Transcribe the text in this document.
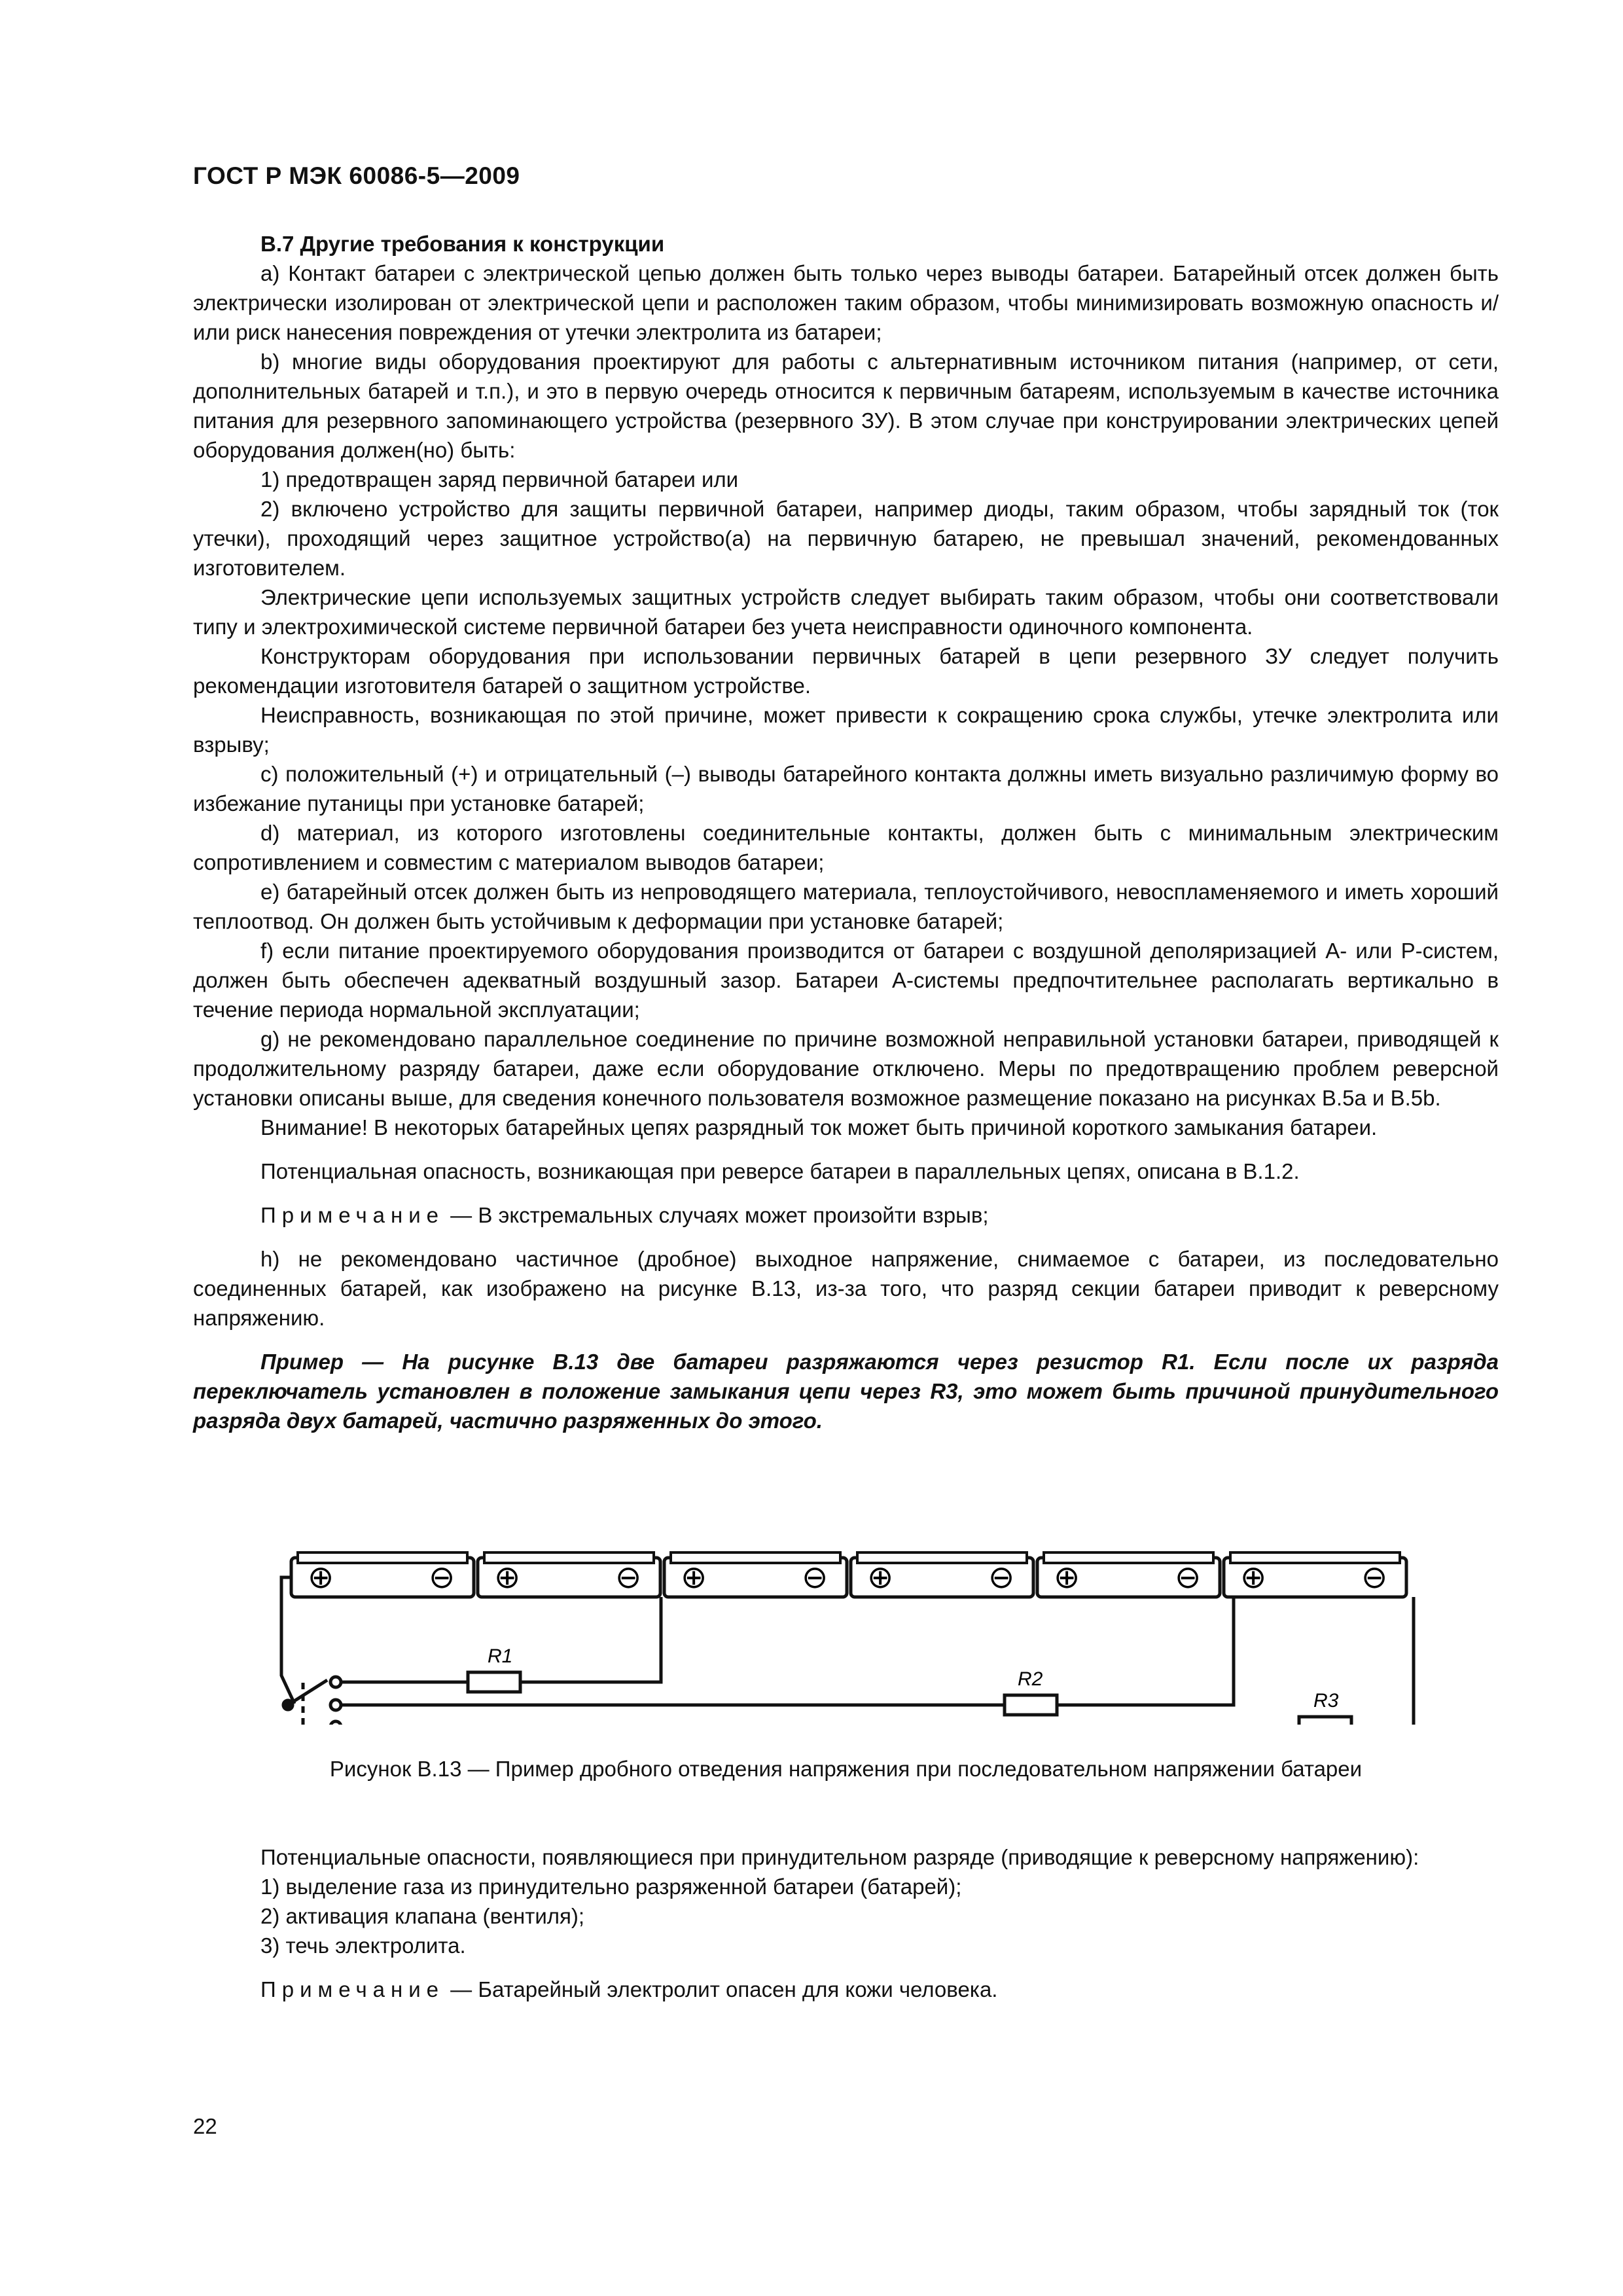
ГОСТ Р МЭК 60086-5—2009

В.7 Другие требования к конструкции

а) Контакт батареи с электрической цепью должен быть только через выводы батареи. Батарейный отсек должен быть электрически изолирован от электрической цепи и расположен таким образом, чтобы минимизировать возможную опасность и/или риск нанесения повреждения от утечки электролита из батареи;

b) многие виды оборудования проектируют для работы с альтернативным источником питания (например, от сети, дополнительных батарей и т.п.), и это в первую очередь относится к первичным батареям, используемым в качестве источника питания для резервного запоминающего устройства (резервного ЗУ). В этом случае при конструировании электрических цепей оборудования должен(но) быть:

1) предотвращен заряд первичной батареи или

2) включено устройство для защиты первичной батареи, например диоды, таким образом, чтобы зарядный ток (ток утечки), проходящий через защитное устройство(а) на первичную батарею, не превышал значений, рекомендованных изготовителем.

Электрические цепи используемых защитных устройств следует выбирать таким образом, чтобы они соответствовали типу и электрохимической системе первичной батареи без учета неисправности одиночного компонента.

Конструкторам оборудования при использовании первичных батарей в цепи резервного ЗУ следует получить рекомендации изготовителя батарей о защитном устройстве.

Неисправность, возникающая по этой причине, может привести к сокращению срока службы, утечке электролита или взрыву;

c) положительный (+) и отрицательный (–) выводы батарейного контакта должны иметь визуально различимую форму во избежание путаницы при установке батарей;

d) материал, из которого изготовлены соединительные контакты, должен быть с минимальным электрическим сопротивлением и совместим с материалом выводов батареи;

e) батарейный отсек должен быть из непроводящего материала, теплоустойчивого, невоспламеняемого и иметь хороший теплоотвод. Он должен быть устойчивым к деформации при установке батарей;

f) если питание проектируемого оборудования производится от батареи с воздушной деполяризацией А- или Р-систем, должен быть обеспечен адекватный воздушный зазор. Батареи А-системы предпочтительнее располагать вертикально в течение периода нормальной эксплуатации;

g) не рекомендовано параллельное соединение по причине возможной неправильной установки батареи, приводящей к продолжительному разряду батареи, даже если оборудование отключено. Меры по предотвращению проблем реверсной установки описаны выше, для сведения конечного пользователя возможное размещение показано на рисунках В.5а и В.5b.

Внимание! В некоторых батарейных цепях разрядный ток может быть причиной короткого замыкания батареи.

Потенциальная опасность, возникающая при реверсе батареи в параллельных цепях, описана в В.1.2.

Примечание — В экстремальных случаях может произойти взрыв;

h) не рекомендовано частичное (дробное) выходное напряжение, снимаемое с батареи, из последовательно соединенных батарей, как изображено на рисунке В.13, из-за того, что разряд секции батареи приводит к реверсному напряжению.

Пример — На рисунке В.13 две батареи разряжаются через резистор R1. Если после их разряда переключатель установлен в положение замыкания цепи через R3, это может быть причиной принудительного разряда двух батарей, частично разряженных до этого.

⊕	⊖ ⊕	⊖ ⊕	⊖ ⊕	⊖ ⊕	⊖ ⊕	⊖
R1
R2
R3
Рисунок В.13 — Пример дробного отведения напряжения при последовательном напряжении батареи

Потенциальные опасности, появляющиеся при принудительном разряде (приводящие к реверсному напряжению):

1) выделение газа из принудительно разряженной батареи (батарей);

2) активация клапана (вентиля);

3) течь электролита.

Примечание — Батарейный электролит опасен для кожи человека.

22
